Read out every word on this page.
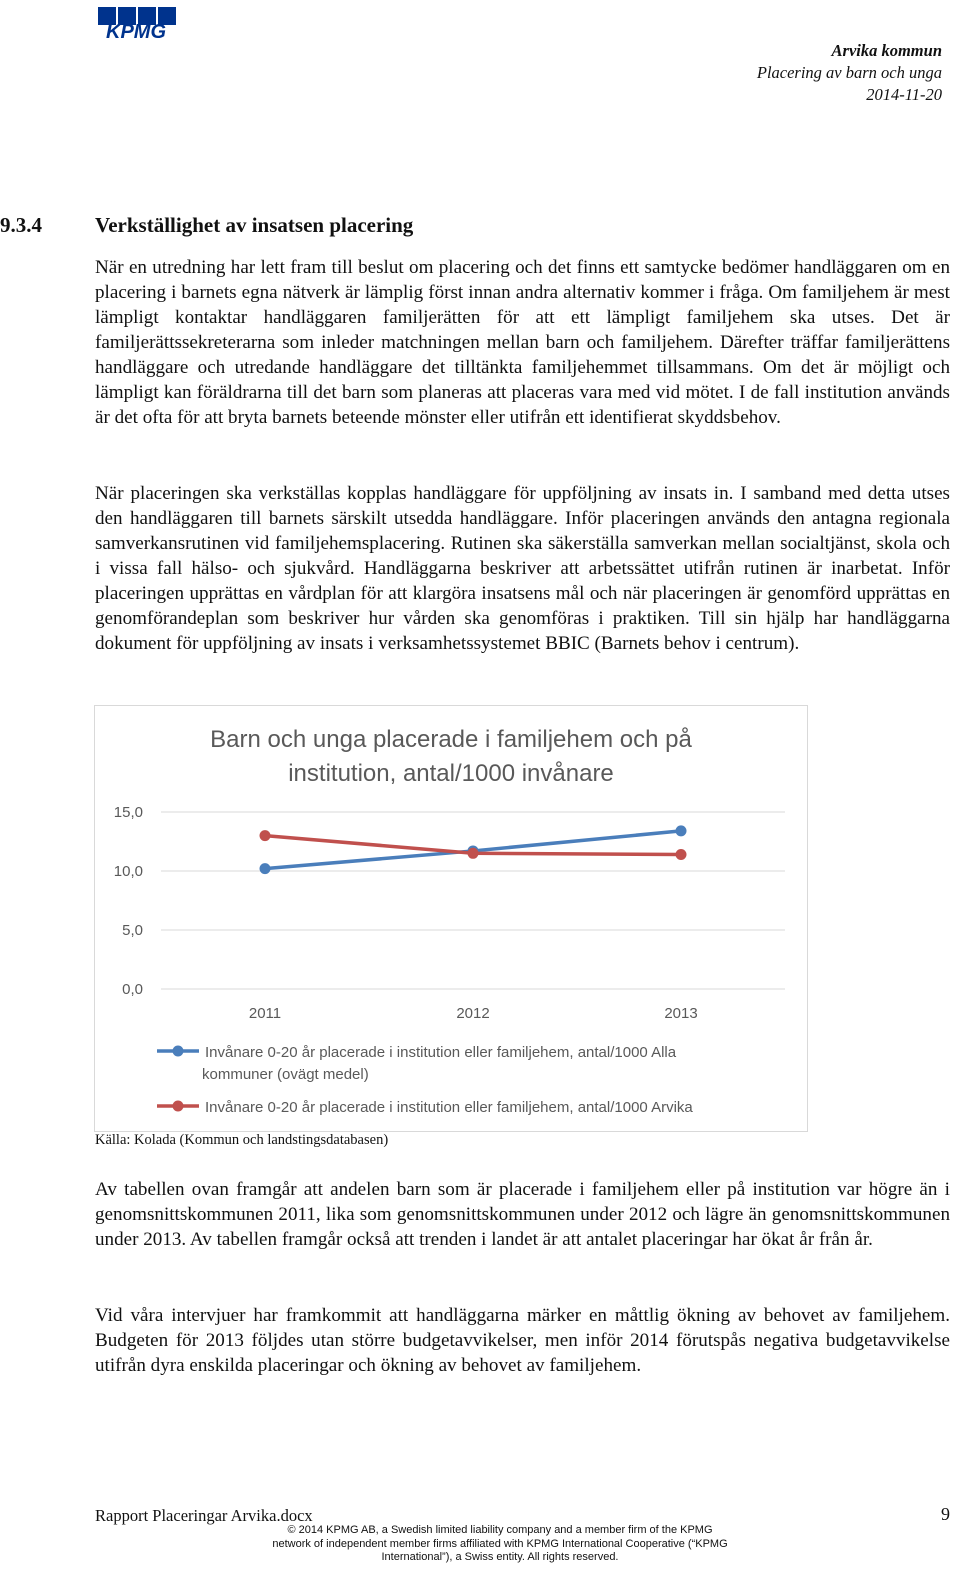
KPMG
Arvika kommun
Placering av barn och unga
2014-11-20
9.3.4	Verkställighet av insatsen placering

När en utredning har lett fram till beslut om placering och det finns ett samtycke bedömer handläggaren om en placering i barnets egna nätverk är lämplig först innan andra alternativ kommer i fråga. Om familjehem är mest lämpligt kontaktar handläggaren familjerätten för att ett lämpligt familjehem ska utses. Det är familjerättssekreterarna som inleder matchningen mellan barn och familjehem. Därefter träffar familjerättens handläggare och utredande handläggare det tilltänkta familjehemmet tillsammans. Om det är möjligt och lämpligt kan föräldrarna till det barn som planeras att placeras vara med vid mötet. I de fall institution används är det ofta för att bryta barnets beteende mönster eller utifrån ett identifierat skyddsbehov.

När placeringen ska verkställas kopplas handläggare för uppföljning av insats in. I samband med detta utses den handläggaren till barnets särskilt utsedda handläggare. Inför placeringen används den antagna regionala samverkansrutinen vid familjehemsplacering. Rutinen ska säkerställa samverkan mellan socialtjänst, skola och i vissa fall hälso- och sjukvård. Handläggarna beskriver att arbetssättet utifrån rutinen är inarbetat. Inför placeringen upprättas en vårdplan för att klargöra insatsens mål och när placeringen är genomförd upprättas en genomförandeplan som beskriver hur vården ska genomföras i praktiken. Till sin hjälp har handläggarna dokument för uppföljning av insats i verksamhetssystemet BBIC (Barnets behov i centrum).

Barn och unga placerade i familjehem och på
institution, antal/1000 invånare
15,0
10,0
5,0
0,0
2011	2012	2013
Invånare 0-20 år placerade i institution eller familjehem, antal/1000 Alla
kommuner (ovägt medel)
Invånare 0-20 år placerade i institution eller familjehem, antal/1000 Arvika
Källa: Kolada (Kommun och landstingsdatabasen)

Av tabellen ovan framgår att andelen barn som är placerade i familjehem eller på institution var högre än i genomsnittskommunen 2011, lika som genomsnittskommunen under 2012 och lägre än genomsnittskommunen under 2013. Av tabellen framgår också att trenden i landet är att antalet placeringar har ökat år från år.

Vid våra intervjuer har framkommit att handläggarna märker en måttlig ökning av behovet av familjehem. Budgeten för 2013 följdes utan större budgetavvikelser, men inför 2014 förutspås negativa budgetavvikelse utifrån dyra enskilda placeringar och ökning av behovet av familjehem.

Rapport Placeringar Arvika.docx	9
© 2014 KPMG AB, a Swedish limited liability company and a member firm of the KPMG network of independent member firms affiliated with KPMG International Cooperative (“KPMG International”), a Swiss entity. All rights reserved.
